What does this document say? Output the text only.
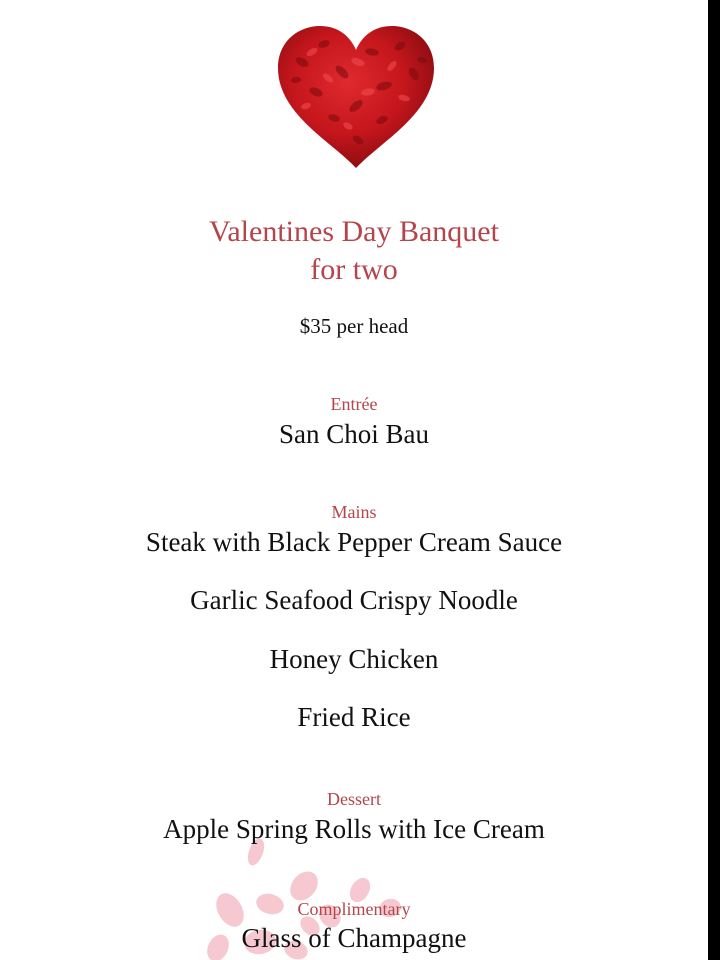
Valentines Day Banquet
for two
$35 per head
Entrée
San Choi Bau
Mains
Steak with Black Pepper Cream Sauce
Garlic Seafood Crispy Noodle
Honey Chicken
Fried Rice
Dessert
Apple Spring Rolls with Ice Cream
Complimentary
Glass of Champagne
